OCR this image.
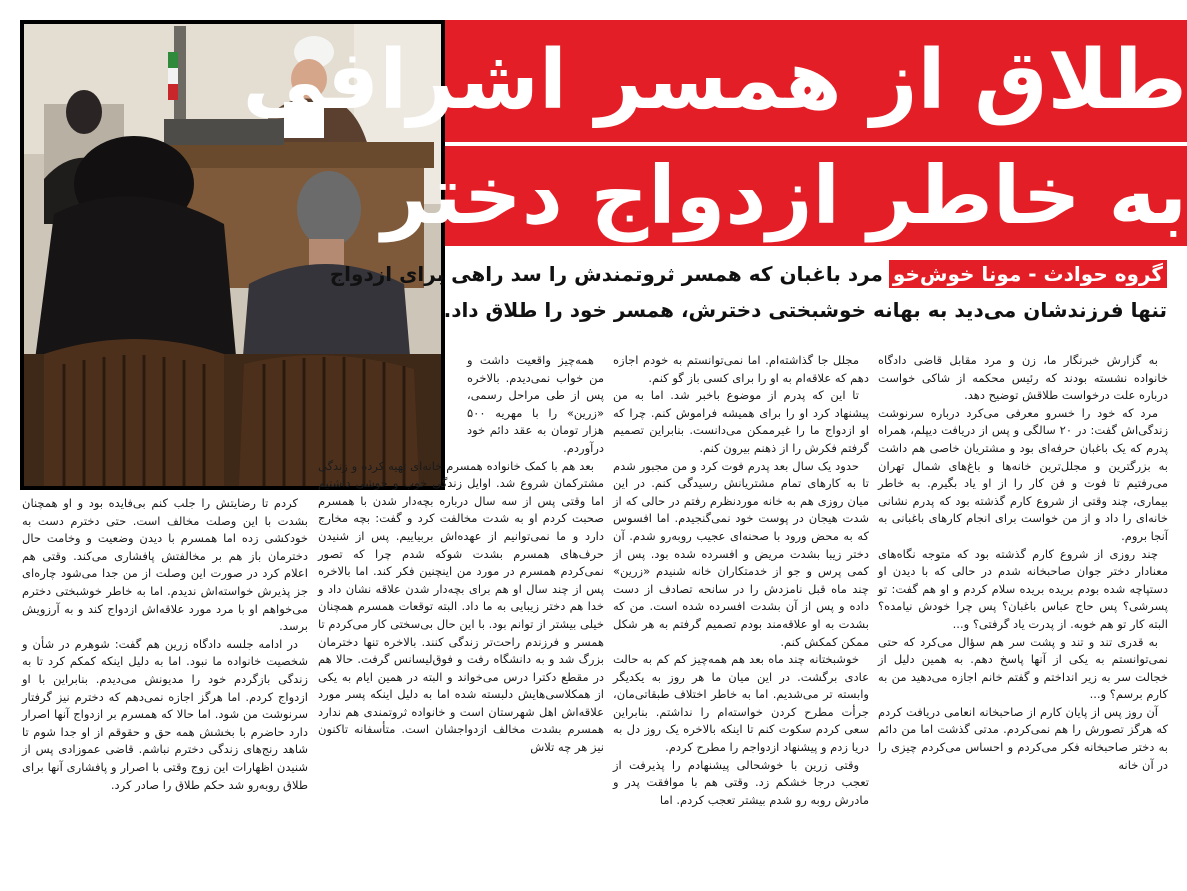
طلاق از همسر اشرافی
به خاطر ازدواج دختر
گروه حوادث - مونا خوش‌خومرد باغبان که همسر ثروتمندش را سد راهی برای ازدواج
تنها فرزندشان می‌دید به بهانه خوشبختی دخترش، همسر خود را طلاق داد.

به گزارش خبرنگار ما، زن و مرد مقابل قاضی دادگاه خانواده نشسته بودند که رئیس محکمه از شاکی خواست درباره علت درخواست طلاقش توضیح دهد.

مرد که خود را خسرو معرفی می‌کرد درباره سرنوشت زندگی‌اش گفت: در ۲۰ سالگی و پس از دریافت دیپلم، همراه پدرم که یک باغبان حرفه‌ای بود و مشتریان خاصی هم داشت به بزرگترین و مجلل‌ترین خانه‌ها و باغ‌های شمال تهران می‌رفتیم تا فوت و فن کار را از او یاد بگیرم. به خاطر بیماری، چند وقتی از شروع کارم گذشته بود که پدرم نشانی خانه‌ای را داد و از من خواست برای انجام کارهای باغبانی به آنجا بروم.

چند روزی از شروع کارم گذشته بود که متوجه نگاه‌های معنادار دختر جوان صاحبخانه شدم در حالی که با دیدن او دستپاچه شده بودم بریده بریده سلام کردم و او هم گفت: تو پسرشی؟ پس حاج عباس باغبان؟ پس چرا خودش نیامده؟ البته کار تو هم خوبه. از پدرت یاد گرفتی؟ و...

به قدری تند و تند و پشت سر هم سؤال می‌کرد که حتی نمی‌توانستم به یکی از آنها پاسخ دهم. به همین دلیل از خجالت سر به زیر انداختم و گفتم خانم اجازه می‌دهید من به کارم برسم؟ و...

آن روز پس از پایان کارم از صاحبخانه انعامی دریافت کردم که هرگز تصورش را هم نمی‌کردم. مدتی گذشت اما من دائم به دختر صاحبخانه فکر می‌کردم و احساس می‌کردم چیزی را در آن خانه

مجلل جا گذاشته‌ام. اما نمی‌توانستم به خودم اجازه دهم که علاقه‌ام به او را برای کسی باز گو کنم.

تا این که پدرم از موضوع باخبر شد. اما به من پیشنهاد کرد او را برای همیشه فراموش کنم. چرا که او ازدواج ما را غیرممکن می‌دانست. بنابراین تصمیم گرفتم فکرش را از ذهنم بیرون کنم.

حدود یک سال بعد پدرم فوت کرد و من مجبور شدم تا به کارهای تمام مشتریانش رسیدگی کنم. در این میان روزی هم به خانه موردنظرم رفتم در حالی که از شدت هیجان در پوست خود نمی‌گنجیدم. اما افسوس که به محض ورود با صحنه‌ای عجیب روبه‌رو شدم. آن دختر زیبا بشدت مریض و افسرده شده بود. پس از کمی پرس و جو از خدمتکاران خانه شنیدم «زرین» چند ماه قبل نامزدش را در سانحه تصادف از دست داده و پس از آن بشدت افسرده شده است. من که بشدت به او علاقه‌مند بودم تصمیم گرفتم به هر شکل ممکن کمکش کنم.

خوشبختانه چند ماه بعد هم همه‌چیز کم کم به حالت عادی برگشت. در این میان ما هر روز به یکدیگر وابسته تر می‌شدیم. اما به خاطر اختلاف طبقاتی‌مان، جرأت مطرح کردن خواسته‌ام را نداشتم. بنابراین سعی کردم سکوت کنم تا اینکه بالاخره یک روز دل به دریا زدم و پیشنهاد ازدواجم را مطرح کردم.

وقتی زرین با خوشحالی پیشنهادم را پذیرفت از تعجب درجا خشکم زد. وقتی هم با موافقت پدر و مادرش روبه رو شدم بیشتر تعجب کردم. اما

همه‌چیز واقعیت داشت و من خواب نمی‌دیدم. بالاخره پس از طی مراحل رسمی، «زرین» را با مهریه ۵۰۰ هزار تومان به عقد دائم خود درآوردم.

بعد هم با کمک خانواده همسرم خانه‌ای تهیه کرده و زندگی مشترکمان شروع شد. اوایل زندگی خوب و خوشی داشتیم اما وقتی پس از سه سال درباره بچه‌دار شدن با همسرم صحبت کردم او به شدت مخالفت کرد و گفت: بچه مخارج دارد و ما نمی‌توانیم از عهده‌اش بربیاییم. پس از شنیدن حرف‌های همسرم بشدت شوکه شدم چرا که تصور نمی‌کردم همسرم در مورد من اینچنین فکر کند. اما بالاخره پس از چند سال او هم برای بچه‌دار شدن علاقه نشان داد و خدا هم دختر زیبایی به ما داد. البته توقعات همسرم همچنان خیلی بیشتر از توانم بود. با این حال بی‌سختی کار می‌کردم تا همسر و فرزندم راحت‌تر زندگی کنند. بالاخره تنها دخترمان بزرگ شد و به دانشگاه رفت و فوق‌لیسانس گرفت. حالا هم در مقطع دکترا درس می‌خواند و البته در همین ایام به یکی از همکلاسی‌هایش دلبسته شده اما به دلیل اینکه پسر مورد علاقه‌اش اهل شهرستان است و خانواده ثروتمندی هم ندارد همسرم بشدت مخالف ازدواجشان است. متأسفانه تاکنون نیز هر چه تلاش

کردم تا رضایتش را جلب کنم بی‌فایده بود و او همچنان بشدت با این وصلت مخالف است. حتی دخترم دست به خودکشی زده اما همسرم با دیدن وضعیت و وخامت حال دخترمان باز هم بر مخالفتش پافشاری می‌کند. وقتی هم اعلام کرد در صورت این وصلت از من جدا می‌شود چاره‌ای جز پذیرش خواسته‌اش ندیدم. اما به خاطر خوشبختی دخترم می‌خواهم او با مرد مورد علاقه‌اش ازدواج کند و به آرزویش برسد.

در ادامه جلسه دادگاه زرین هم گفت: شوهرم در شأن و شخصیت خانواده ما نبود. اما به دلیل اینکه کمکم کرد تا به زندگی بازگردم خود را مدیونش می‌دیدم. بنابراین با او ازدواج کردم. اما هرگز اجازه نمی‌دهم که دخترم نیز گرفتار سرنوشت من شود. اما حالا که همسرم بر ازدواج آنها اصرار دارد حاضرم با بخشش همه حق و حقوقم از او جدا شوم تا شاهد رنج‌های زندگی دخترم نباشم. قاضی عموزادی پس از شنیدن اظهارات این زوج وقتی با اصرار و پافشاری آنها برای طلاق روبه‌رو شد حکم طلاق را صادر کرد.
